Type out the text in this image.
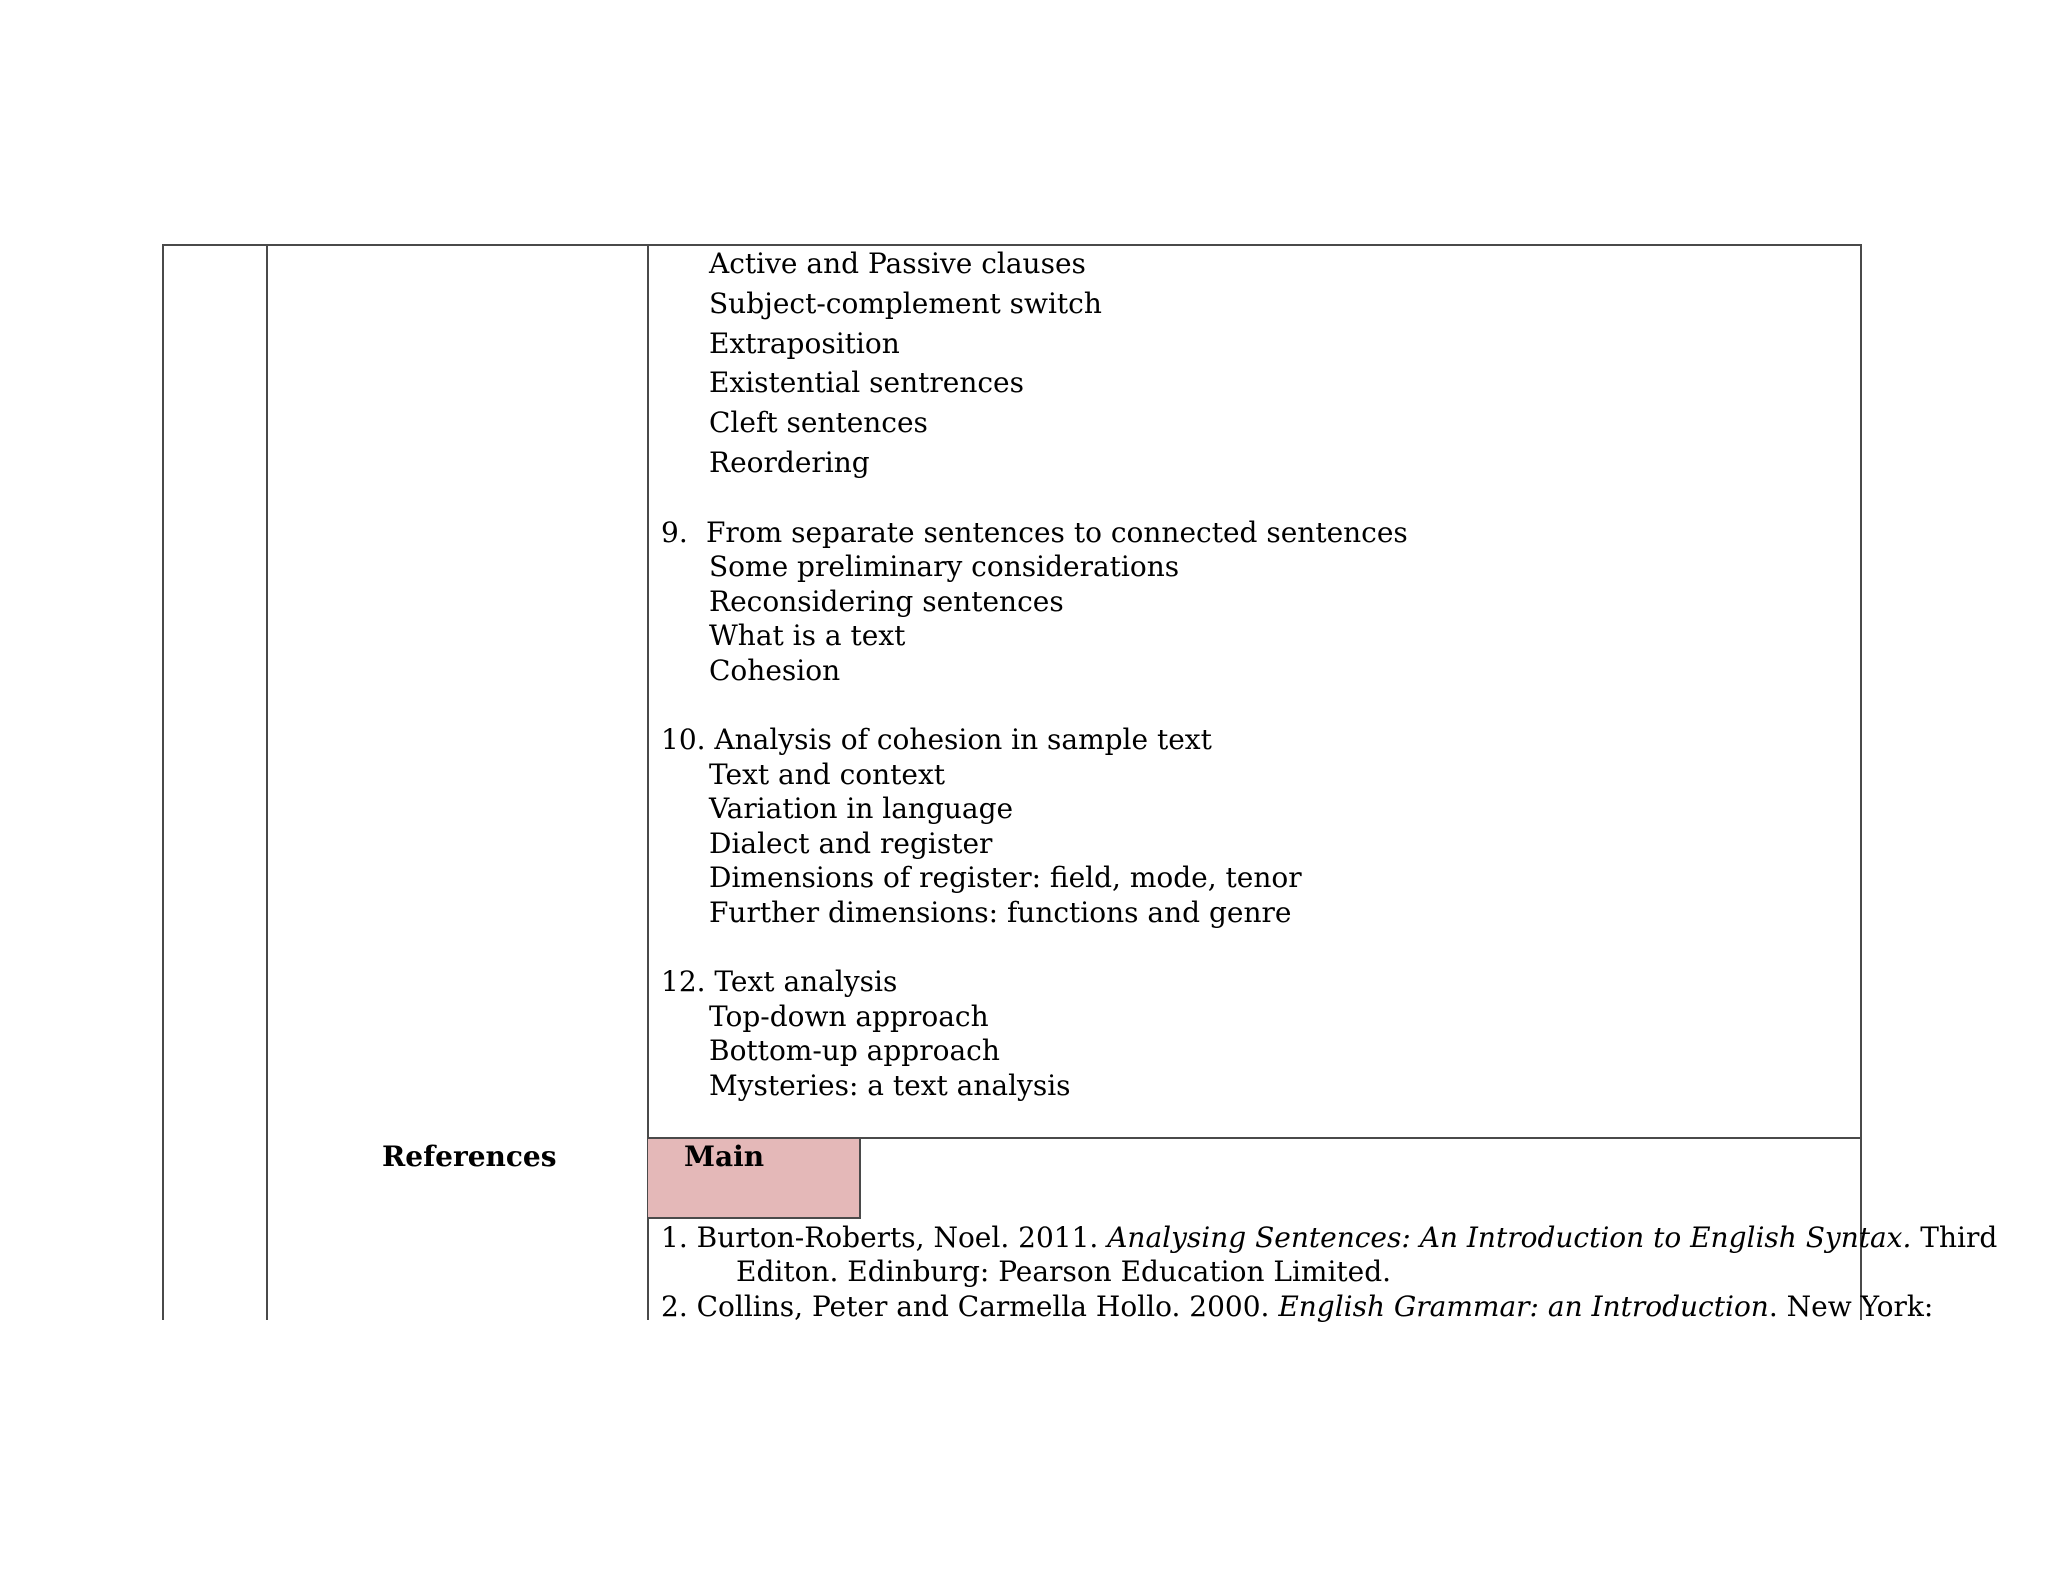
Active and Passive clauses
Subject-complement switch
Extraposition
Existential sentrences
Cleft sentences
Reordering
9. From separate sentences to connected sentences
Some preliminary considerations
Reconsidering sentences
What is a text
Cohesion
10. Analysis of cohesion in sample text
Text and context
Variation in language
Dialect and register
Dimensions of register: field, mode, tenor
Further dimensions: functions and genre
12. Text analysis
Top-down approach
Bottom-up approach
Mysteries: a text analysis
References	Main
1. Burton-Roberts, Noel. 2011. Analysing Sentences: An Introduction to English Syntax. Third
Editon. Edinburg: Pearson Education Limited.
2. Collins, Peter and Carmella Hollo. 2000. English Grammar: an Introduction. New York:
